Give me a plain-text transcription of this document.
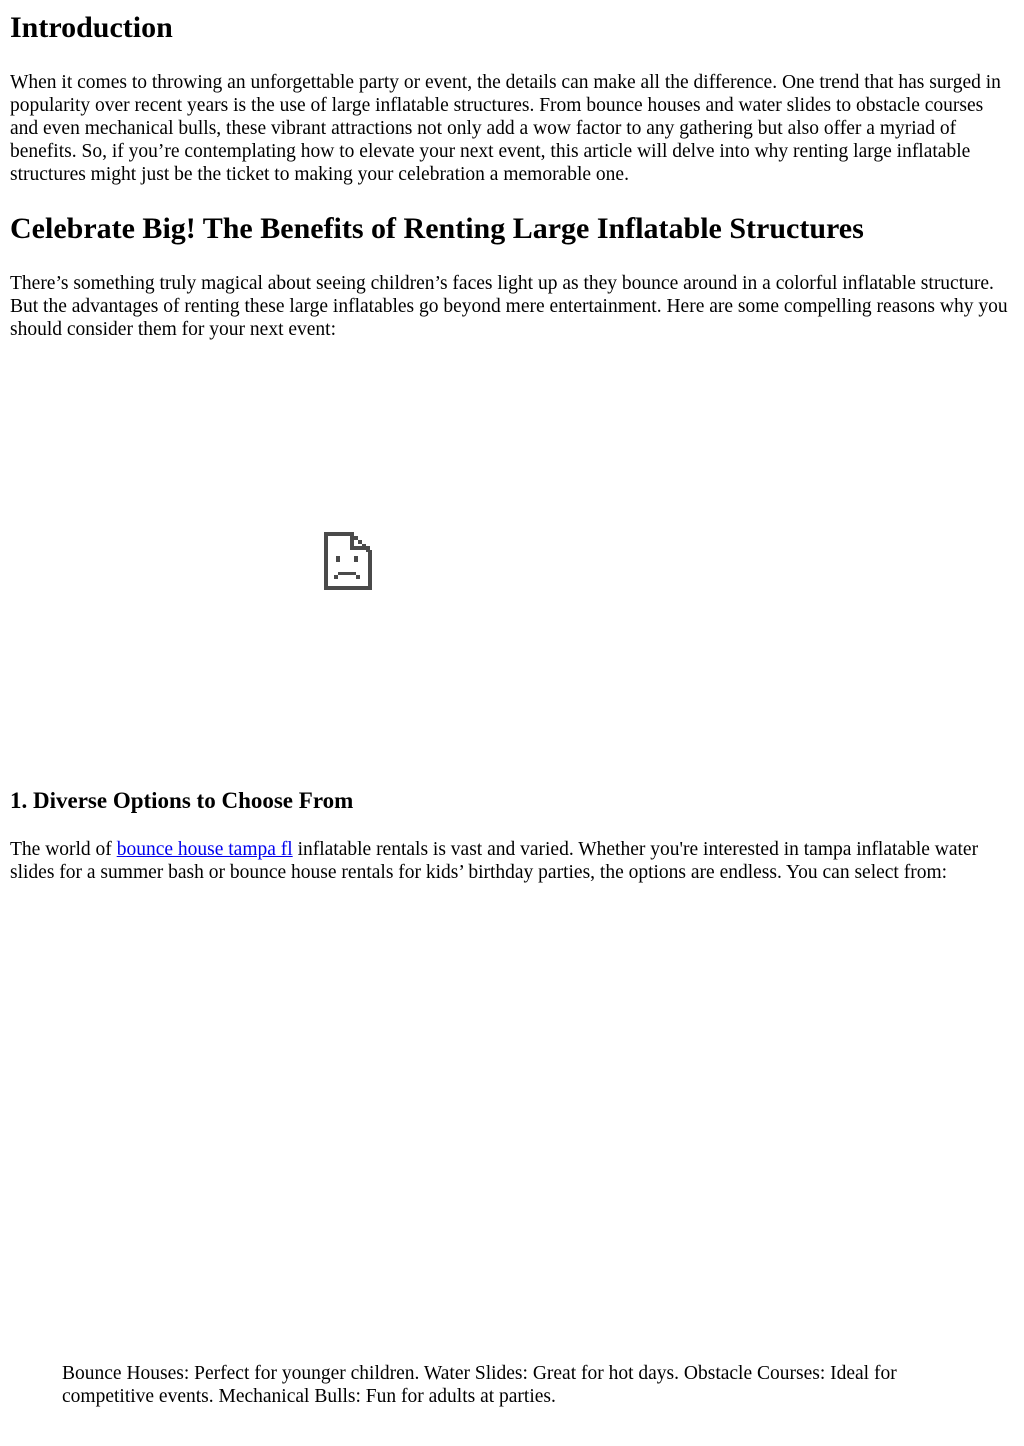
Introduction

When it comes to throwing an unforgettable party or event, the details can make all the difference. One trend that has surged in popularity over recent years is the use of large inflatable structures. From bounce houses and water slides to obstacle courses and even mechanical bulls, these vibrant attractions not only add a wow factor to any gathering but also offer a myriad of benefits. So, if you’re contemplating how to elevate your next event, this article will delve into why renting large inflatable structures might just be the ticket to making your celebration a memorable one.

Celebrate Big! The Benefits of Renting Large Inflatable Structures

There’s something truly magical about seeing children’s faces light up as they bounce around in a colorful inflatable structure. But the advantages of renting these large inflatables go beyond mere entertainment. Here are some compelling reasons why you should consider them for your next event:

1. Diverse Options to Choose From

The world of bounce house tampa fl inflatable rentals is vast and varied. Whether you're interested in tampa inflatable water slides for a summer bash or bounce house rentals for kids’ birthday parties, the options are endless. You can select from:

Bounce Houses: Perfect for younger children. Water Slides: Great for hot days. Obstacle Courses: Ideal for competitive events. Mechanical Bulls: Fun for adults at parties.
